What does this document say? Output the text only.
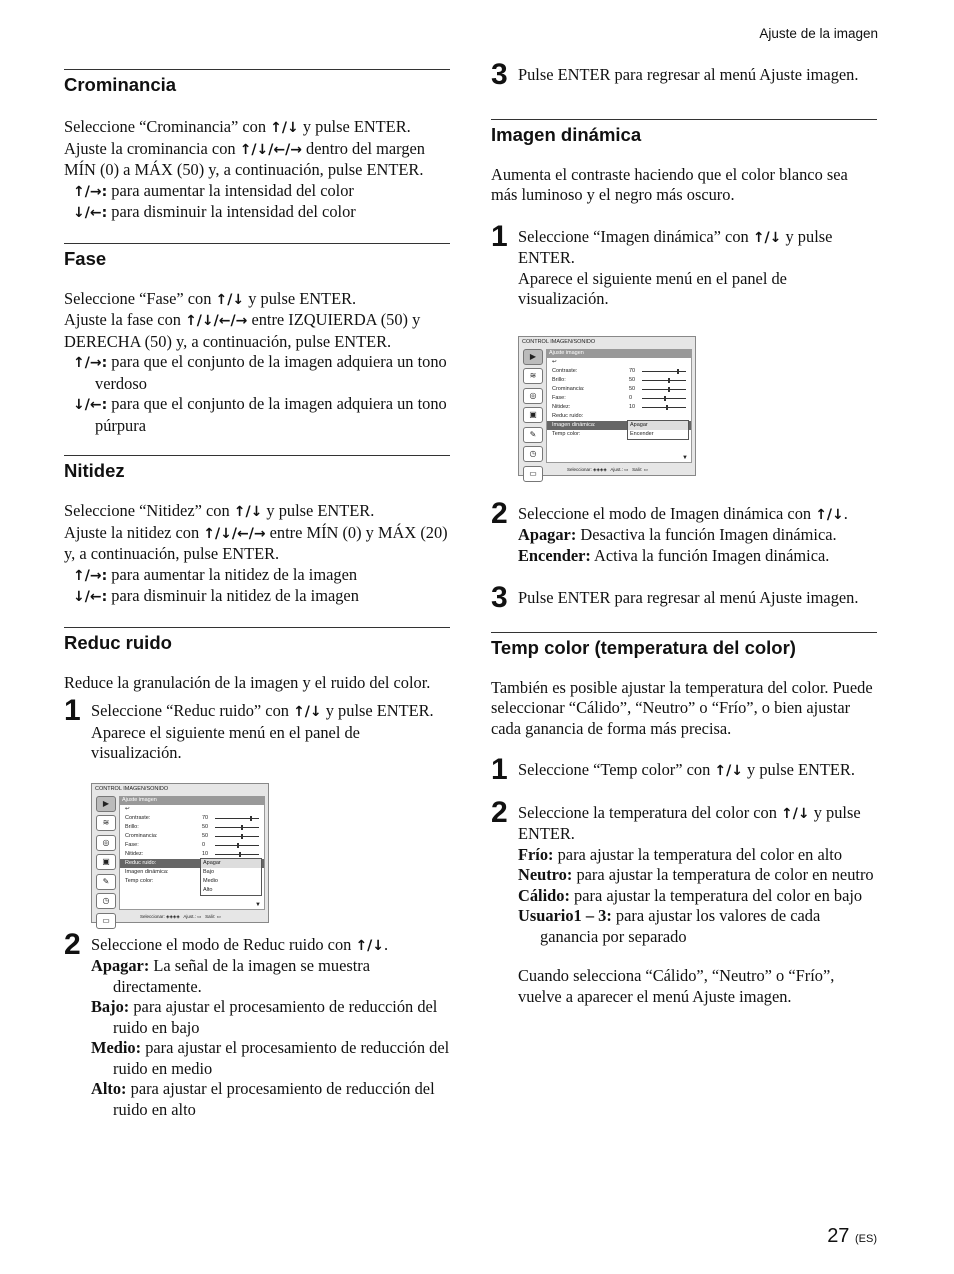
Ajuste de la imagen
Crominancia

Seleccione “Crominancia” con ↑/↓ y pulse ENTER.
Ajuste la crominancia con ↑/↓/←/→ dentro del margen MÍN (0) a MÁX (50) y, a continuación, pulse ENTER.

↑/→: para aumentar la intensidad del color

↓/←: para disminuir la intensidad del color

Fase

Seleccione “Fase” con ↑/↓ y pulse ENTER.
Ajuste la fase con ↑/↓/←/→ entre IZQUIERDA (50) y DERECHA (50) y, a continuación, pulse ENTER.

↑/→: para que el conjunto de la imagen adquiera un tono verdoso

↓/←: para que el conjunto de la imagen adquiera un tono púrpura

Nitidez

Seleccione “Nitidez” con ↑/↓ y pulse ENTER.
Ajuste la nitidez con ↑/↓/←/→ entre MÍN (0) y MÁX (20) y, a continuación, pulse ENTER.

↑/→: para aumentar la nitidez de la imagen

↓/←: para disminuir la nitidez de la imagen

Reduc ruido

Reduce la granulación de la imagen y el ruido del color.

1 Seleccione “Reduc ruido” con ↑/↓ y pulse ENTER.

Aparece el siguiente menú en el panel de visualización.

CONTROL IMAGEN/SONIDO
▶
≋
◎
▣
✎
◷
▭
Ajuste imagen
↩
Contraste:	70
Brillo:	50
Crominancia:	50
Fase:	0
Nitidez:	10
Reduc ruido:
Imagen dinámica:
Temp color:
Apagar
Bajo
Medio
Alto
▼
Seleccionar: ◈◈◈◈   Ajust.: ▭   Salir: ▭
2 Seleccione el modo de Reduc ruido con ↑/↓.

Apagar: La señal de la imagen se muestra directamente.

Bajo: para ajustar el procesamiento de reducción del ruido en bajo

Medio: para ajustar el procesamiento de reducción del ruido en medio

Alto: para ajustar el procesamiento de reducción del ruido en alto

3 Pulse ENTER para regresar al menú Ajuste imagen.

Imagen dinámica

Aumenta el contraste haciendo que el color blanco sea más luminoso y el negro más oscuro.

1 Seleccione “Imagen dinámica” con ↑/↓ y pulse ENTER.

Aparece el siguiente menú en el panel de visualización.

CONTROL IMAGEN/SONIDO
▶
≋
◎
▣
✎
◷
▭
Ajuste imagen
↩
Contraste:	70
Brillo:	50
Crominancia:	50
Fase:	0
Nitidez:	10
Reduc ruido:
Imagen dinámica:
Temp color:
Apagar
Encender
▼
Seleccionar: ◈◈◈◈   Ajust.: ▭   Salir: ▭
2 Seleccione el modo de Imagen dinámica con ↑/↓.

Apagar: Desactiva la función Imagen dinámica.

Encender: Activa la función Imagen dinámica.

3 Pulse ENTER para regresar al menú Ajuste imagen.

Temp color (temperatura del color)

También es posible ajustar la temperatura del color. Puede seleccionar “Cálido”, “Neutro” o “Frío”, o bien ajustar cada ganancia de forma más precisa.

1 Seleccione “Temp color” con ↑/↓ y pulse ENTER.

2 Seleccione la temperatura del color con ↑/↓ y pulse ENTER.

Frío: para ajustar la temperatura del color en alto

Neutro: para ajustar la temperatura de color en neutro

Cálido: para ajustar la temperatura del color en bajo

Usuario1 – 3: para ajustar los valores de cada ganancia por separado

Cuando selecciona “Cálido”, “Neutro” o “Frío”, vuelve a aparecer el menú Ajuste imagen.

27 (ES)
